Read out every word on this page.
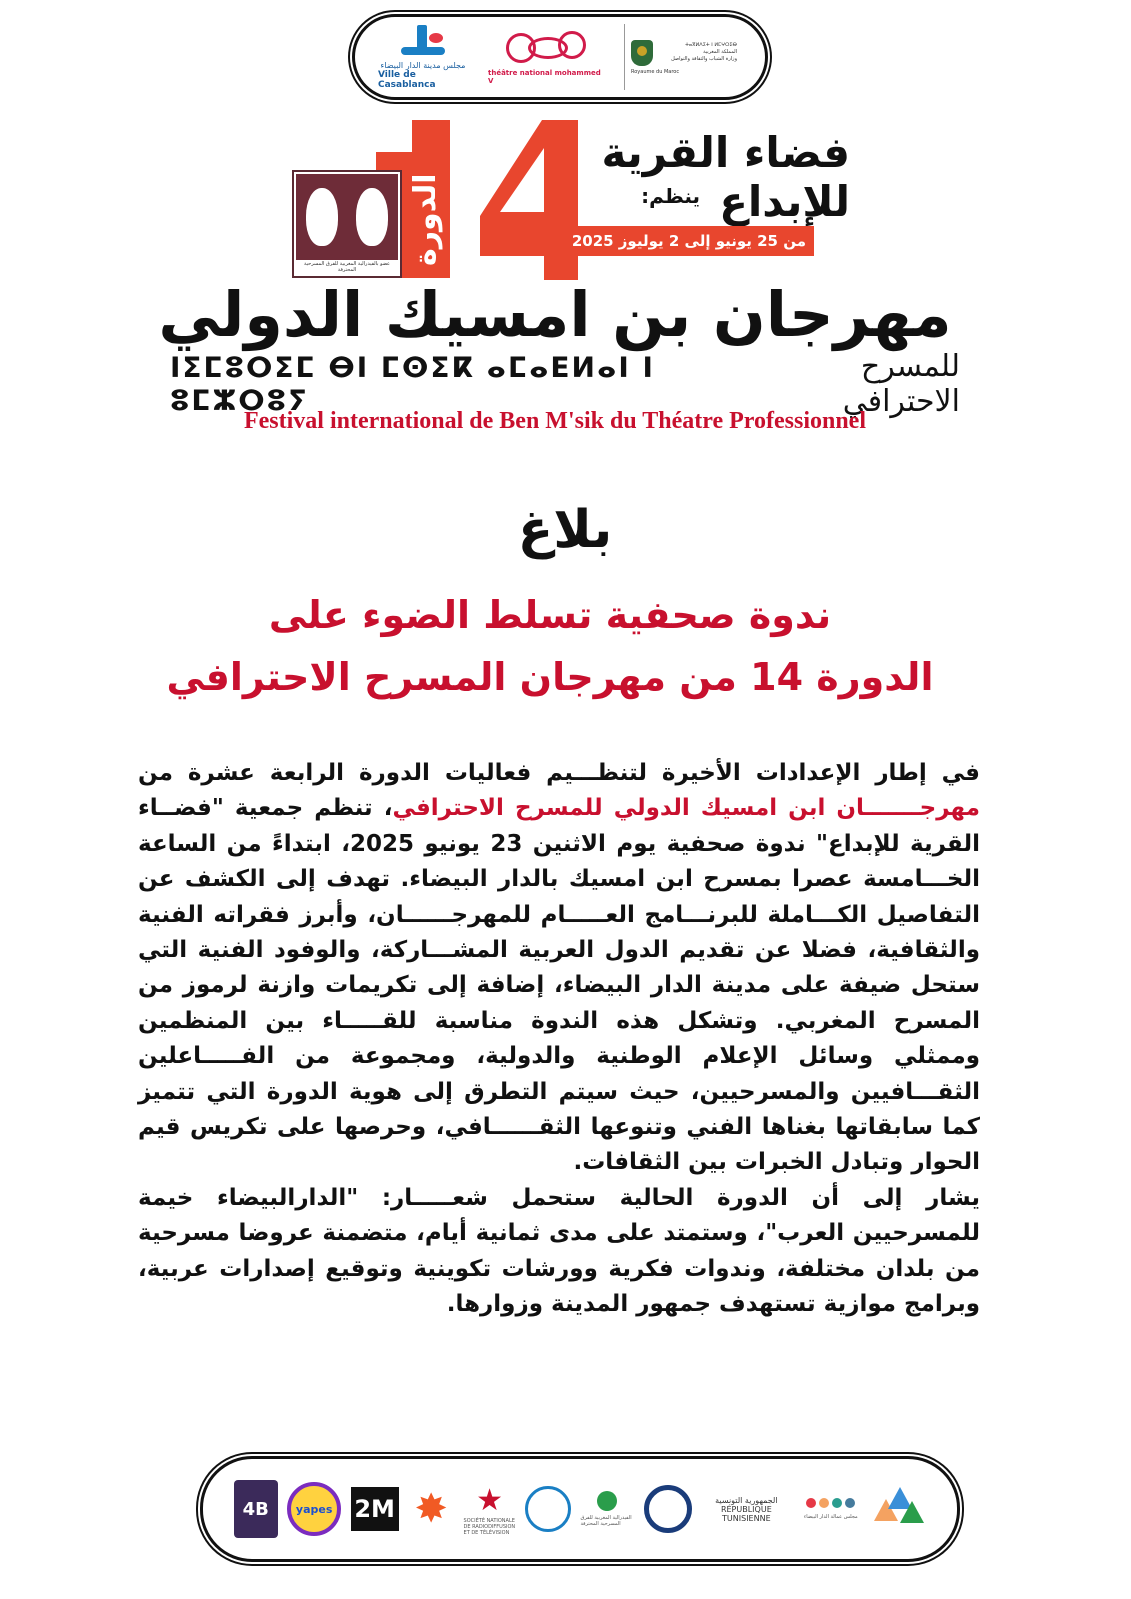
مجلس مدينة الدار البيضاء
Ville de Casablanca
théâtre national mohammed V
ⵜⴰⴳⵍⴷⵉⵜ ⵏ ⵍⵎⵖⵔⵉⴱ
المملكة المغربية
وزارة الشباب والثقافة والتواصل
Royaume du Maroc
الدورة
عضو بالفيدرالية المغربية للفرق المسرحية المحترفة
فضاء القرية للإبداع
ينظم:
من 25 يونيو إلى 2 يوليوز 2025 بالدارالبيضاء
مهرجان بن امسيك الدولي
ⵏⵉⵎⵓⵔⵉⵎ ⴱⵏ ⵎⵙⵉⴽ ⴰⵎⴰⴹⵍⴰⵏ ⵏ ⵓⵎⵣⵔⵓⵢ
للمسرح الاحترافي
Festival international de Ben M'sik du Théatre Professionnel
بلاغ
ندوة صحفية تسلط الضوء على
الدورة 14 من مهرجان المسرح الاحترافي

في إطار الإعدادات الأخيرة لتنظـــيم فعاليات الدورة الرابعة عشرة من مهرجـــــــان ابن امسيك الدولي للمسرح الاحترافي، تنظم جمعية "فضــاء القرية للإبداع" ندوة صحفية يوم الاثنين 23 يونيو 2025، ابتداءً من الساعة الخـــامسة عصرا بمسرح ابن امسيك بالدار البيضاء. تهدف إلى الكشف عن التفاصيل الكـــاملة للبرنـــامج العـــــام للمهرجــــــان، وأبرز فقراته الفنية والثقافية، فضلا عن تقديم الدول العربية المشـــاركة، والوفود الفنية التي ستحل ضيفة على مدينة الدار البيضاء، إضافة إلى تكريمات وازنة لرموز من المسرح المغربي. وتشكل هذه الندوة مناسبة للقـــــاء بين المنظمين وممثلي وسائل الإعلام الوطنية والدولية، ومجموعة من الفـــــاعلين الثقـــافيين والمسرحيين، حيث سيتم التطرق إلى هوية الدورة التي تتميز كما سابقاتها بغناها الفني وتنوعها الثقــــــافي، وحرصها على تكريس قيم الحوار وتبادل الخبرات بين الثقافات.

يشار إلى أن الدورة الحالية ستحمل شعـــــار: "الدارالبيضاء خيمة للمسرحيين العرب"، وستمتد على مدى ثمانية أيام، متضمنة عروضا مسرحية من بلدان مختلفة، وندوات فكرية وورشات تكوينية وتوقيع إصدارات عربية، وبرامج موازية تستهدف جمهور المدينة وزوارها.

4B	yapes 2M ✸ ★
SOCIÉTÉ NATIONALE DE RADIODIFFUSION ET DE TÉLÉVISION
الفيدرالية المغربية للفرق المسرحية المحترفة
الجمهورية التونسية
RÉPUBLIQUE TUNISIENNE	مجلس عمالة الدار البيضاء
